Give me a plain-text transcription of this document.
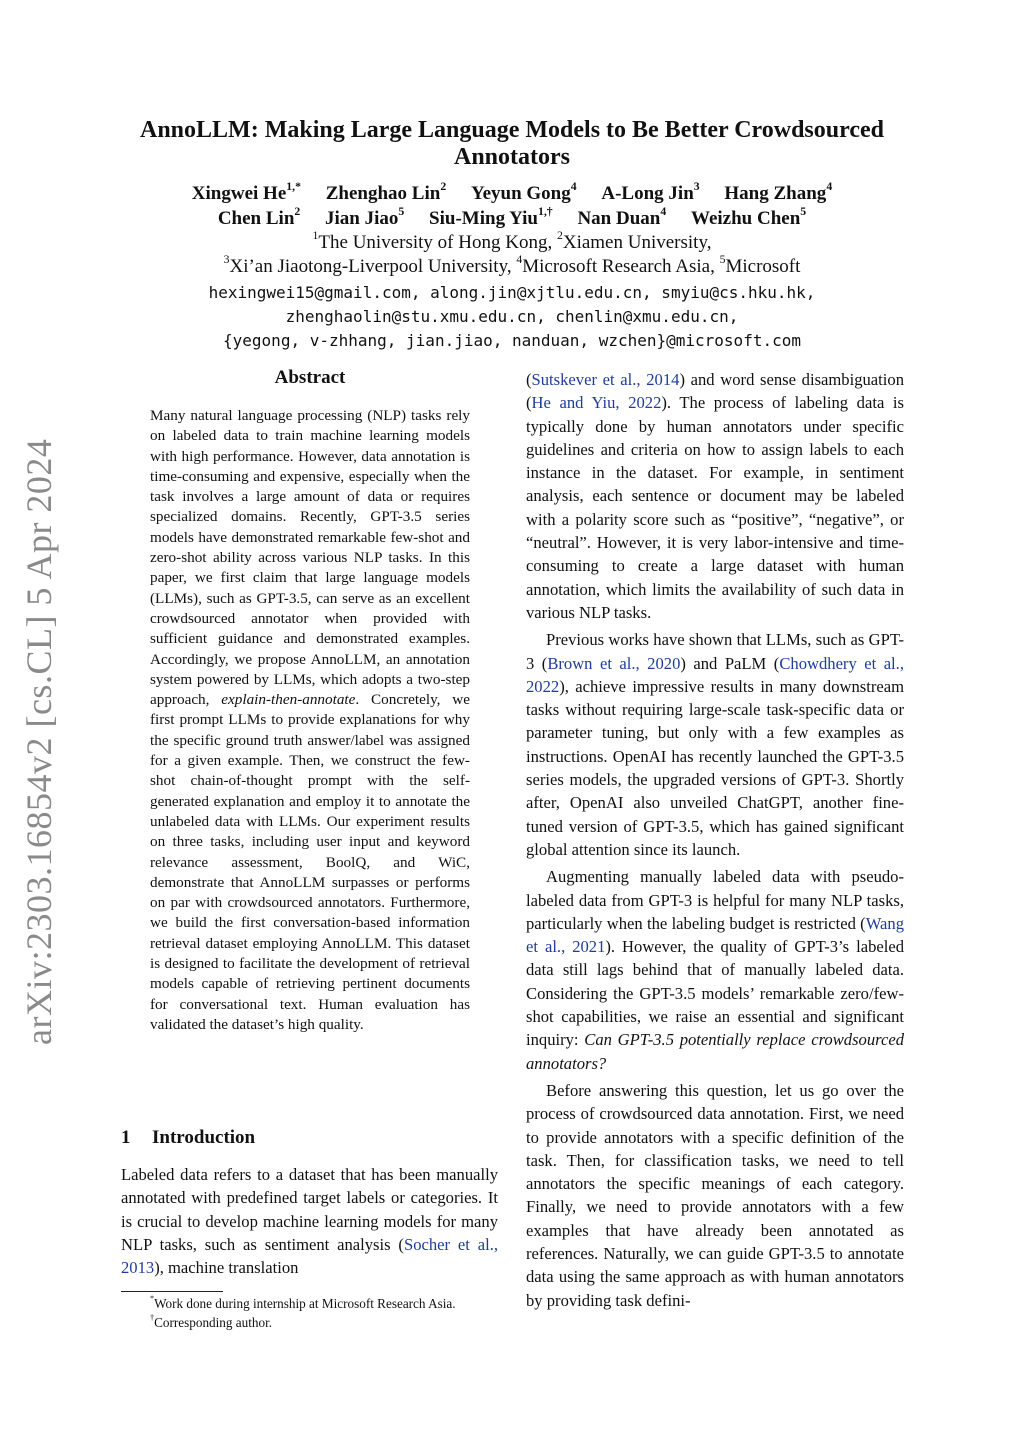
arXiv:2303.16854v2 [cs.CL] 5 Apr 2024
AnnoLLM: Making Large Language Models to Be Better Crowdsourced Annotators
Xingwei $He^{1,*}$ Zhenghao Lin$^2$ Yeyun Gong$^4$ A-Long Jin$^3$ Hang Zhang$^4$
Chen Lin$^2$ Jian Jiao$^5$ Siu-Ming Yiu$^{1,\dagger}$ Nan Duan$^4$ Weizhu Chen$^5$
$^1$The University of Hong Kong, $^2$Xiamen University,
$^3$Xi’an Jiaotong-Liverpool University, $^4$Microsoft Research Asia, $^5$Microsoft
hexingwei15@gmail.com, along.jin@xjtlu.edu.cn, smyiu@cs.hku.hk,
zhenghaolin@stu.xmu.edu.cn, chenlin@xmu.edu.cn,
{yegong, v-zhhang, jian.jiao, nanduan, wzchen}@microsoft.com
Abstract
Many natural language processing (NLP) tasks rely on labeled data to train machine learning models with high performance. However, data annotation is time-consuming and expensive, especially when the task involves a large amount of data or requires specialized domains. Recently, GPT-3.5 series models have demonstrated remarkable few-shot and zero-shot ability across various NLP tasks. In this paper, we first claim that large language models (LLMs), such as GPT-3.5, can serve as an excellent crowdsourced annotator when provided with sufficient guidance and demonstrated examples. Accordingly, we propose AnnoLLM, an annotation system powered by LLMs, which adopts a two-step approach, explain-then-annotate. Concretely, we first prompt LLMs to provide explanations for why the specific ground truth answer/label was assigned for a given example. Then, we construct the few-shot chain-of-thought prompt with the self-generated explanation and employ it to annotate the unlabeled data with LLMs. Our experiment results on three tasks, including user input and keyword relevance assessment, BoolQ, and WiC, demonstrate that AnnoLLM surpasses or performs on par with crowdsourced annotators. Furthermore, we build the first conversation-based information retrieval dataset employing AnnoLLM. This dataset is designed to facilitate the development of retrieval models capable of retrieving pertinent documents for conversational text. Human evaluation has validated the dataset’s high quality.
1 Introduction
Labeled data refers to a dataset that has been manually annotated with predefined target labels or categories. It is crucial to develop machine learning models for many NLP tasks, such as sentiment analysis (Socher et al., 2013), machine translation
*Work done during internship at Microsoft Research Asia.
†Corresponding author.

(Sutskever et al., 2014) and word sense disambiguation (He and Yiu, 2022). The process of labeling data is typically done by human annotators under specific guidelines and criteria on how to assign labels to each instance in the dataset. For example, in sentiment analysis, each sentence or document may be labeled with a polarity score such as “positive”, “negative”, or “neutral”. However, it is very labor-intensive and time-consuming to create a large dataset with human annotation, which limits the availability of such data in various NLP tasks.

Previous works have shown that LLMs, such as GPT-3 (Brown et al., 2020) and PaLM (Chowdhery et al., 2022), achieve impressive results in many downstream tasks without requiring large-scale task-specific data or parameter tuning, but only with a few examples as instructions. OpenAI has recently launched the GPT-3.5 series models, the upgraded versions of GPT-3. Shortly after, OpenAI also unveiled ChatGPT, another fine-tuned version of GPT-3.5, which has gained significant global attention since its launch.

Augmenting manually labeled data with pseudo-labeled data from GPT-3 is helpful for many NLP tasks, particularly when the labeling budget is restricted (Wang et al., 2021). However, the quality of GPT-3’s labeled data still lags behind that of manually labeled data. Considering the GPT-3.5 models’ remarkable zero/few-shot capabilities, we raise an essential and significant inquiry: Can GPT-3.5 potentially replace crowdsourced annotators?

Before answering this question, let us go over the process of crowdsourced data annotation. First, we need to provide annotators with a specific definition of the task. Then, for classification tasks, we need to tell annotators the specific meanings of each category. Finally, we need to provide annotators with a few examples that have already been annotated as references. Naturally, we can guide GPT-3.5 to annotate data using the same approach as with human annotators by providing task defini-
